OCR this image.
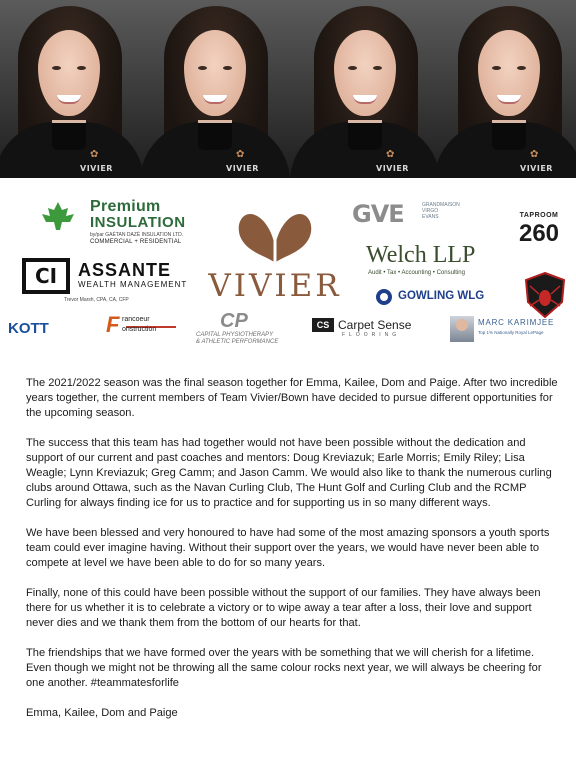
✿
VIVIER
✿
VIVIER
✿
VIVIER
✿
VIVIER
Premium
INSULATION
by/par GAÉTAN DAZÉ INSULATION LTD.
COMMERCIAL + RESIDENTIAL
CI	ASSANTE
WEALTH MANAGEMENT
Trevor Marsh, CPA, CA, CFP	VIVIER
GVE	GRANDMAISON
VIRGO
EVANS	TAPROOM
260
Welch LLP
Audit • Tax • Accounting • Consulting
GOWLING WLG
KOTT	F rancoeur
onstruction	CP
CAPITAL PHYSIOTHERAPY
& ATHLETIC PERFORMANCE
CS Carpet Sense
FLOORING
MARC KARIMJEE
Top 1% Nationally Royal LePage

The 2021/2022 season was the final season together for Emma, Kailee, Dom and Paige. After two incredible years together, the current members of Team Vivier/Bown have decided to pursue different opportunities for the upcoming season.

The success that this team has had together would not have been possible without the dedication and support of our current and past coaches and mentors: Doug Kreviazuk; Earle Morris; Emily Riley; Lisa Weagle; Lynn Kreviazuk; Greg Camm; and Jason Camm. We would also like to thank the numerous curling clubs around Ottawa, such as the Navan Curling Club, The Hunt Golf and Curling Club and the RCMP Curling for always finding ice for us to practice and for supporting us in so many different ways.

We have been blessed and very honoured to have had some of the most amazing sponsors a youth sports team could ever imagine having. Without their support over the years, we would have never been able to compete at level we have been able to do for so many years.

Finally, none of this could have been possible without the support of our families. They have always been there for us whether it is to celebrate a victory or to wipe away a tear after a loss, their love and support never dies and we thank them from the bottom of our hearts for that.

The friendships that we have formed over the years with be something that we will cherish for a lifetime. Even though we might not be throwing all the same colour rocks next year, we will always be cheering for one another. #teammatesforlife

Emma, Kailee, Dom and Paige
